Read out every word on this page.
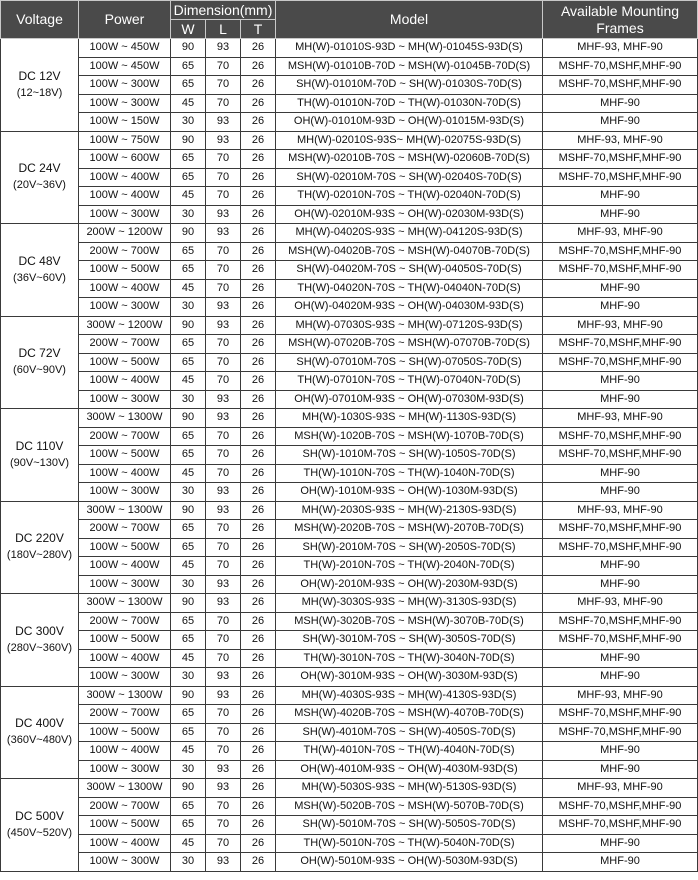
Voltage	Power	Dimension(mm)			Model	Available Mounting Frames
		W	L	T		
DC 12V
(12~18V)	100W ~ 450W	90	93	26	MH(W)-01010S-93D ~ MH(W)-01045S-93D(S)	MHF-93, MHF-90
	100W ~ 450W	65	70	26	MSH(W)-01010B-70D ~ MSH(W)-01045B-70D(S)	MSHF-70,MSHF,MHF-90
	100W ~ 300W	65	70	26	SH(W)-01010M-70D ~ SH(W)-01030S-70D(S)	MSHF-70,MSHF,MHF-90
	100W ~ 300W	45	70	26	TH(W)-01010N-70D ~ TH(W)-01030N-70D(S)	MHF-90
	100W ~ 150W	30	93	26	OH(W)-01010M-93D ~ OH(W)-01015M-93D(S)	MHF-90
DC 24V
(20V~36V)	100W ~ 750W	90	93	26	MH(W)-02010S-93S~ MH(W)-02075S-93D(S)	MHF-93, MHF-90
	100W ~ 600W	65	70	26	MSH(W)-02010B-70S ~ MSH(W)-02060B-70D(S)	MSHF-70,MSHF,MHF-90
	100W ~ 400W	65	70	26	SH(W)-02010M-70S ~ SH(W)-02040S-70D(S)	MSHF-70,MSHF,MHF-90
	100W ~ 400W	45	70	26	TH(W)-02010N-70S ~ TH(W)-02040N-70D(S)	MHF-90
	100W ~ 300W	30	93	26	OH(W)-02010M-93S ~ OH(W)-02030M-93D(S)	MHF-90
DC 48V
(36V~60V)	200W ~ 1200W	90	93	26	MH(W)-04020S-93S ~ MH(W)-04120S-93D(S)	MHF-93, MHF-90
	200W ~ 700W	65	70	26	MSH(W)-04020B-70S ~ MSH(W)-04070B-70D(S)	MSHF-70,MSHF,MHF-90
	100W ~ 500W	65	70	26	SH(W)-04020M-70S ~ SH(W)-04050S-70D(S)	MSHF-70,MSHF,MHF-90
	100W ~ 400W	45	70	26	TH(W)-04020N-70S ~ TH(W)-04040N-70D(S)	MHF-90
	100W ~ 300W	30	93	26	OH(W)-04020M-93S ~ OH(W)-04030M-93D(S)	MHF-90
DC 72V
(60V~90V)	300W ~ 1200W	90	93	26	MH(W)-07030S-93S ~ MH(W)-07120S-93D(S)	MHF-93, MHF-90
	200W ~ 700W	65	70	26	MSH(W)-07020B-70S ~ MSH(W)-07070B-70D(S)	MSHF-70,MSHF,MHF-90
	100W ~ 500W	65	70	26	SH(W)-07010M-70S ~ SH(W)-07050S-70D(S)	MSHF-70,MSHF,MHF-90
	100W ~ 400W	45	70	26	TH(W)-07010N-70S ~ TH(W)-07040N-70D(S)	MHF-90
	100W ~ 300W	30	93	26	OH(W)-07010M-93S ~ OH(W)-07030M-93D(S)	MHF-90
DC 110V
(90V~130V)	300W ~ 1300W	90	93	26	MH(W)-1030S-93S ~ MH(W)-1130S-93D(S)	MHF-93, MHF-90
	200W ~ 700W	65	70	26	MSH(W)-1020B-70S ~ MSH(W)-1070B-70D(S)	MSHF-70,MSHF,MHF-90
	100W ~ 500W	65	70	26	SH(W)-1010M-70S ~ SH(W)-1050S-70D(S)	MSHF-70,MSHF,MHF-90
	100W ~ 400W	45	70	26	TH(W)-1010N-70S ~ TH(W)-1040N-70D(S)	MHF-90
	100W ~ 300W	30	93	26	OH(W)-1010M-93S ~ OH(W)-1030M-93D(S)	MHF-90
DC 220V
(180V~280V)	300W ~ 1300W	90	93	26	MH(W)-2030S-93S ~ MH(W)-2130S-93D(S)	MHF-93, MHF-90
	200W ~ 700W	65	70	26	MSH(W)-2020B-70S ~ MSH(W)-2070B-70D(S)	MSHF-70,MSHF,MHF-90
	100W ~ 500W	65	70	26	SH(W)-2010M-70S ~ SH(W)-2050S-70D(S)	MSHF-70,MSHF,MHF-90
	100W ~ 400W	45	70	26	TH(W)-2010N-70S ~ TH(W)-2040N-70D(S)	MHF-90
	100W ~ 300W	30	93	26	OH(W)-2010M-93S ~ OH(W)-2030M-93D(S)	MHF-90
DC 300V
(280V~360V)	300W ~ 1300W	90	93	26	MH(W)-3030S-93S ~ MH(W)-3130S-93D(S)	MHF-93, MHF-90
	200W ~ 700W	65	70	26	MSH(W)-3020B-70S ~ MSH(W)-3070B-70D(S)	MSHF-70,MSHF,MHF-90
	100W ~ 500W	65	70	26	SH(W)-3010M-70S ~ SH(W)-3050S-70D(S)	MSHF-70,MSHF,MHF-90
	100W ~ 400W	45	70	26	TH(W)-3010N-70S ~ TH(W)-3040N-70D(S)	MHF-90
	100W ~ 300W	30	93	26	OH(W)-3010M-93S ~ OH(W)-3030M-93D(S)	MHF-90
DC 400V
(360V~480V)	300W ~ 1300W	90	93	26	MH(W)-4030S-93S ~ MH(W)-4130S-93D(S)	MHF-93, MHF-90
	200W ~ 700W	65	70	26	MSH(W)-4020B-70S ~ MSH(W)-4070B-70D(S)	MSHF-70,MSHF,MHF-90
	100W ~ 500W	65	70	26	SH(W)-4010M-70S ~ SH(W)-4050S-70D(S)	MSHF-70,MSHF,MHF-90
	100W ~ 400W	45	70	26	TH(W)-4010N-70S ~ TH(W)-4040N-70D(S)	MHF-90
	100W ~ 300W	30	93	26	OH(W)-4010M-93S ~ OH(W)-4030M-93D(S)	MHF-90
DC 500V
(450V~520V)	300W ~ 1300W	90	93	26	MH(W)-5030S-93S ~ MH(W)-5130S-93D(S)	MHF-93, MHF-90
	200W ~ 700W	65	70	26	MSH(W)-5020B-70S ~ MSH(W)-5070B-70D(S)	MSHF-70,MSHF,MHF-90
	100W ~ 500W	65	70	26	SH(W)-5010M-70S ~ SH(W)-5050S-70D(S)	MSHF-70,MSHF,MHF-90
	100W ~ 400W	45	70	26	TH(W)-5010N-70S ~ TH(W)-5040N-70D(S)	MHF-90
	100W ~ 300W	30	93	26	OH(W)-5010M-93S ~ OH(W)-5030M-93D(S)	MHF-90
